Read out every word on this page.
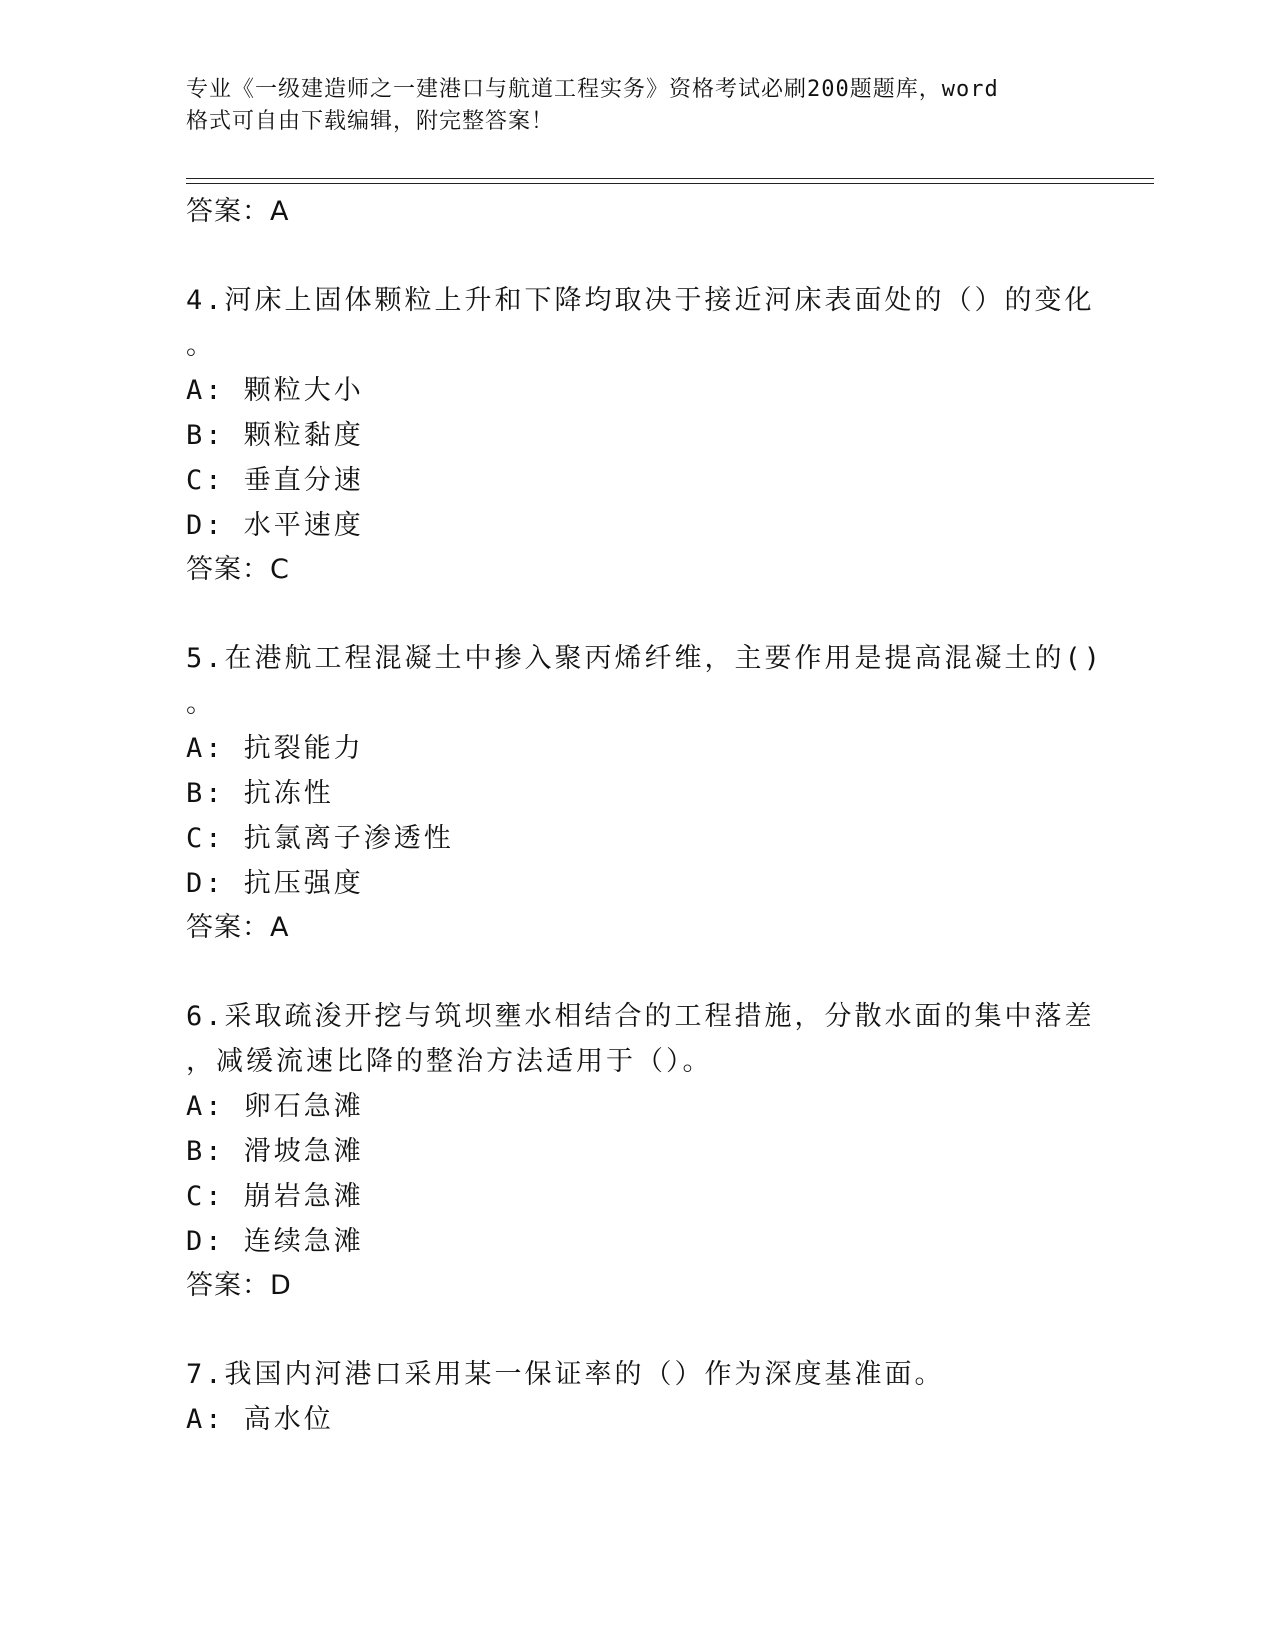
专业《一级建造师之一建港口与航道工程实务》资格考试必刷200题题库，word
格式可自由下载编辑，附完整答案！
答案：A
4.河床上固体颗粒上升和下降均取决于接近河床表面处的（）的变化
。
A: 颗粒大小
B: 颗粒黏度
C: 垂直分速
D: 水平速度
答案：C
5.在港航工程混凝土中掺入聚丙烯纤维，主要作用是提高混凝土的()
。
A: 抗裂能力
B: 抗冻性
C: 抗氯离子渗透性
D: 抗压强度
答案：A
6.采取疏浚开挖与筑坝壅水相结合的工程措施，分散水面的集中落差
，减缓流速比降的整治方法适用于（）。
A: 卵石急滩
B: 滑坡急滩
C: 崩岩急滩
D: 连续急滩
答案：D
7.我国内河港口采用某一保证率的（）作为深度基准面。
A: 高水位
